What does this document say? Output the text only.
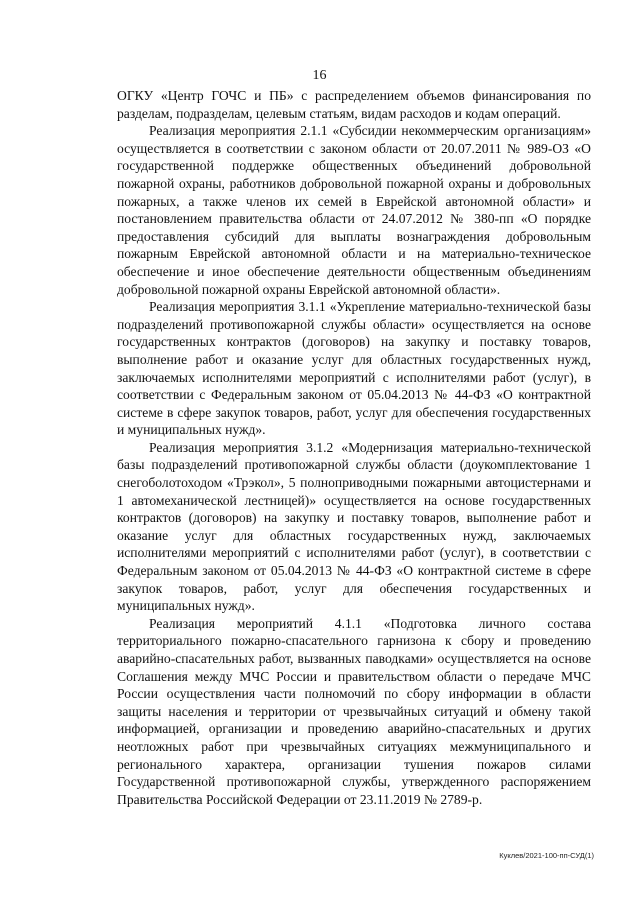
16

ОГКУ «Центр ГОЧС и ПБ» с распределением объемов финансирования по разделам, подразделам, целевым статьям, видам расходов и кодам операций.

Реализация мероприятия 2.1.1 «Субсидии некоммерческим организациям» осуществляется в соответствии с законом области от 20.07.2011 № 989-ОЗ «О государственной поддержке общественных объединений добровольной пожарной охраны, работников добровольной пожарной охраны и добровольных пожарных, а также членов их семей в Еврейской автономной области» и постановлением правительства области от 24.07.2012 № 380-пп «О порядке предоставления субсидий для выплаты вознаграждения добровольным пожарным Еврейской автономной области и на материально-техническое обеспечение и иное обеспечение деятельности общественным объединениям добровольной пожарной охраны Еврейской автономной области».

Реализация мероприятия 3.1.1 «Укрепление материально-технической базы подразделений противопожарной службы области» осуществляется на основе государственных контрактов (договоров) на закупку и поставку товаров, выполнение работ и оказание услуг для областных государственных нужд, заключаемых исполнителями мероприятий с исполнителями работ (услуг), в соответствии с Федеральным законом от 05.04.2013 № 44-ФЗ «О контрактной системе в сфере закупок товаров, работ, услуг для обеспечения государственных и муниципальных нужд».

Реализация мероприятия 3.1.2 «Модернизация материально-технической базы подразделений противопожарной службы области (доукомплектование 1 снегоболотоходом «Трэкол», 5 полноприводными пожарными автоцистернами и 1 автомеханической лестницей)» осуществляется на основе государственных контрактов (договоров) на закупку и поставку товаров, выполнение работ и оказание услуг для областных государственных нужд, заключаемых исполнителями мероприятий с исполнителями работ (услуг), в соответствии с Федеральным законом от 05.04.2013 № 44-ФЗ «О контрактной системе в сфере закупок товаров, работ, услуг для обеспечения государственных и муниципальных нужд».

Реализация мероприятий 4.1.1 «Подготовка личного состава территориального пожарно-спасательного гарнизона к сбору и проведению аварийно-спасательных работ, вызванных паводками» осуществляется на основе Соглашения между МЧС России и правительством области о передаче МЧС России осуществления части полномочий по сбору информации в области защиты населения и территории от чрезвычайных ситуаций и обмену такой информацией, организации и проведению аварийно-спасательных и других неотложных работ при чрезвычайных ситуациях межмуниципального и регионального характера, организации тушения пожаров силами Государственной противопожарной службы, утвержденного распоряжением Правительства Российской Федерации от 23.11.2019 № 2789-р.

Куклев/2021-100-пп-СУД(1)
